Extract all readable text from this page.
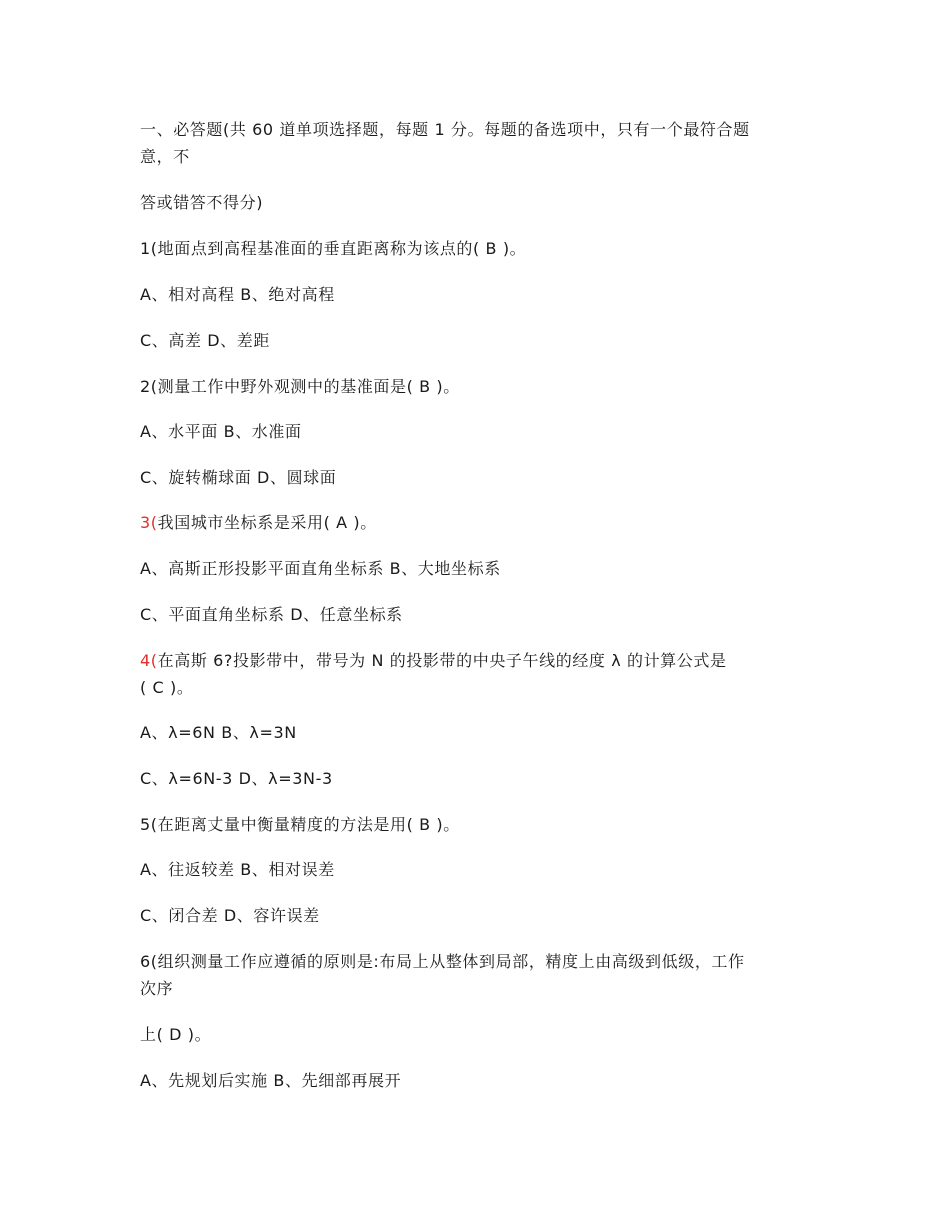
一、必答题(共 60 道单项选择题，每题 1 分。每题的备选项中，只有一个最符合题
意，不
答或错答不得分)
1(地面点到高程基准面的垂直距离称为该点的( B )。
A、相对高程 B、绝对高程
C、高差 D、差距
2(测量工作中野外观测中的基准面是( B )。
A、水平面 B、水准面
C、旋转椭球面 D、圆球面
3(我国城市坐标系是采用( A )。
A、高斯正形投影平面直角坐标系 B、大地坐标系
C、平面直角坐标系 D、任意坐标系
4(在高斯 6?投影带中，带号为 N 的投影带的中央子午线的经度 λ 的计算公式是
( C )。
A、λ=6N B、λ=3N
C、λ=6N-3 D、λ=3N-3
5(在距离丈量中衡量精度的方法是用( B )。
A、往返较差 B、相对误差
C、闭合差 D、容许误差
6(组织测量工作应遵循的原则是:布局上从整体到局部，精度上由高级到低级，工作
次序
上( D )。
A、先规划后实施 B、先细部再展开
